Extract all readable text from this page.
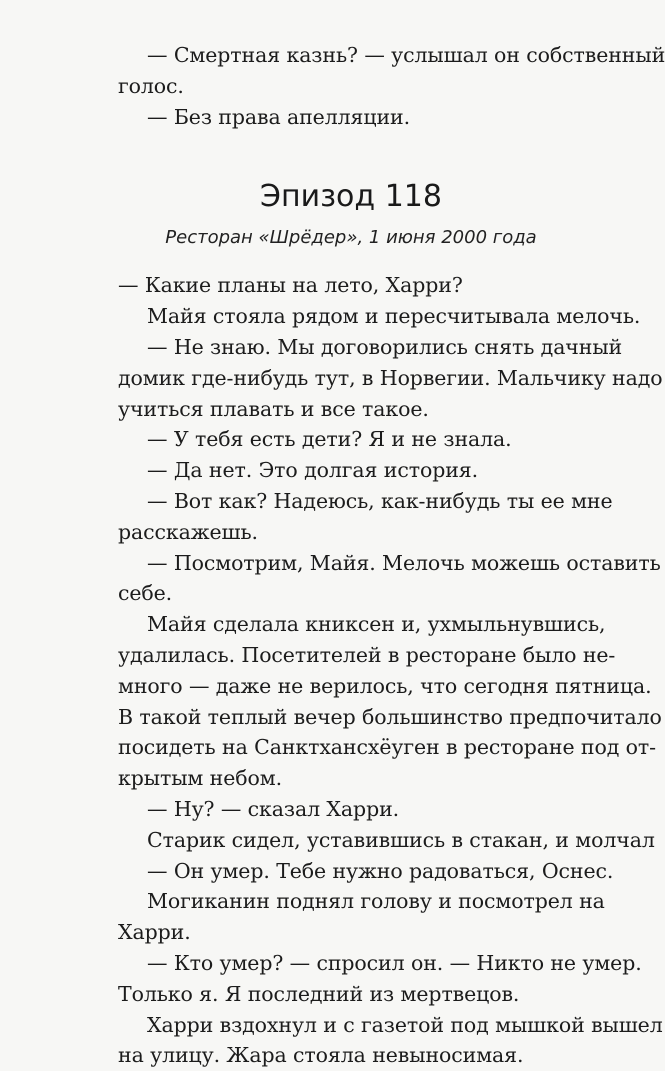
— Смертная казнь? — услышал он собственный
голос.
— Без права апелляции.
Эпизод 118
Ресторан «Шрёдер», 1 июня 2000 года
— Какие планы на лето, Харри?
Майя стояла рядом и пересчитывала мелочь.
— Не знаю. Мы договорились снять дачный
домик где-нибудь тут, в Норвегии. Мальчику надо
учиться плавать и все такое.
— У тебя есть дети? Я и не знала.
— Да нет. Это долгая история.
— Вот как? Надеюсь, как-нибудь ты ее мне
расскажешь.
— Посмотрим, Майя. Мелочь можешь оставить
себе.
Майя сделала книксен и, ухмыльнувшись,
удалилась. Посетителей в ресторане было не-
много — даже не верилось, что сегодня пятница.
В такой теплый вечер большинство предпочитало
посидеть на Санктхансхёуген в ресторане под от-
крытым небом.
— Ну? — сказал Харри.
Старик сидел, уставившись в стакан, и молчал
— Он умер. Тебе нужно радоваться, Оснес.
Могиканин поднял голову и посмотрел на
Харри.
— Кто умер? — спросил он. — Никто не умер.
Только я. Я последний из мертвецов.
Харри вздохнул и с газетой под мышкой вышел
на улицу. Жара стояла невыносимая.
